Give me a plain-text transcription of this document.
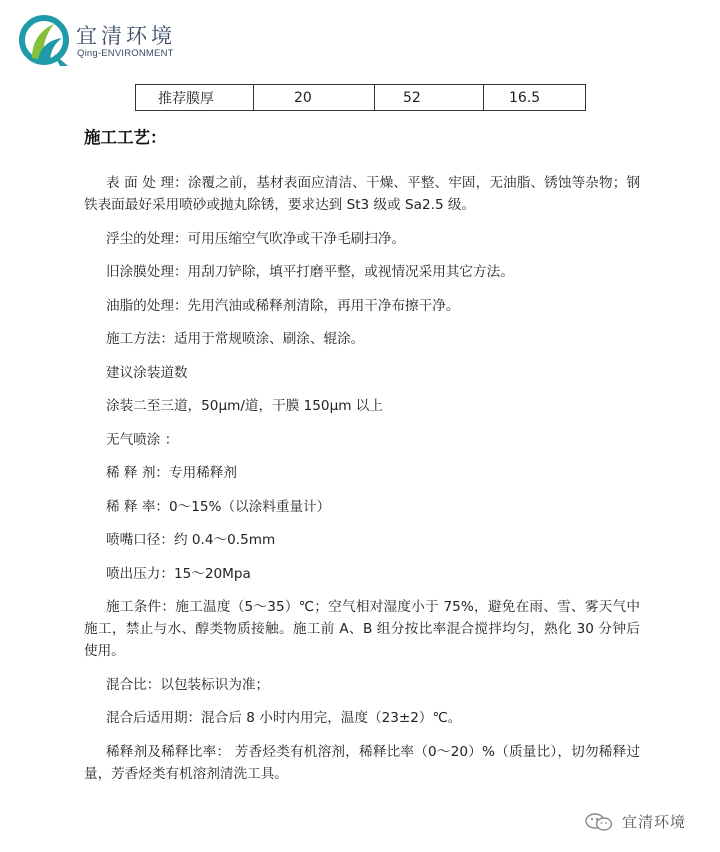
宜清环境
Qing-ENVIRONMENT
推荐膜厚	20	52	16.5
施工工艺：

表 面 处 理：涂覆之前，基材表面应清洁、干燥、平整、牢固，无油脂、锈蚀等杂物；钢铁表面最好采用喷砂或抛丸除锈，要求达到 St3 级或 Sa2.5 级。

浮尘的处理：可用压缩空气吹净或干净毛刷扫净。

旧涂膜处理：用刮刀铲除，填平打磨平整，或视情况采用其它方法。

油脂的处理：先用汽油或稀释剂清除，再用干净布擦干净。

施工方法：适用于常规喷涂、刷涂、辊涂。

建议涂装道数

涂装二至三道，50μm/道，干膜 150μm 以上

无气喷涂 ：

稀 释 剂：专用稀释剂

稀 释 率：0～15%（以涂料重量计）

喷嘴口径：约 0.4～0.5mm

喷出压力：15～20Mpa

施工条件：施工温度（5～35）℃；空气相对湿度小于 75%，避免在雨、雪、雾天气中施工，禁止与水、醇类物质接触。施工前 A、B 组分按比率混合搅拌均匀，熟化 30 分钟后使用。

混合比：以包装标识为准；

混合后适用期：混合后 8 小时内用完，温度（23±2）℃。

稀释剂及稀释比率： 芳香烃类有机溶剂，稀释比率（0～20）%（质量比），切勿稀释过量，芳香烃类有机溶剂清洗工具。

宜清环境
